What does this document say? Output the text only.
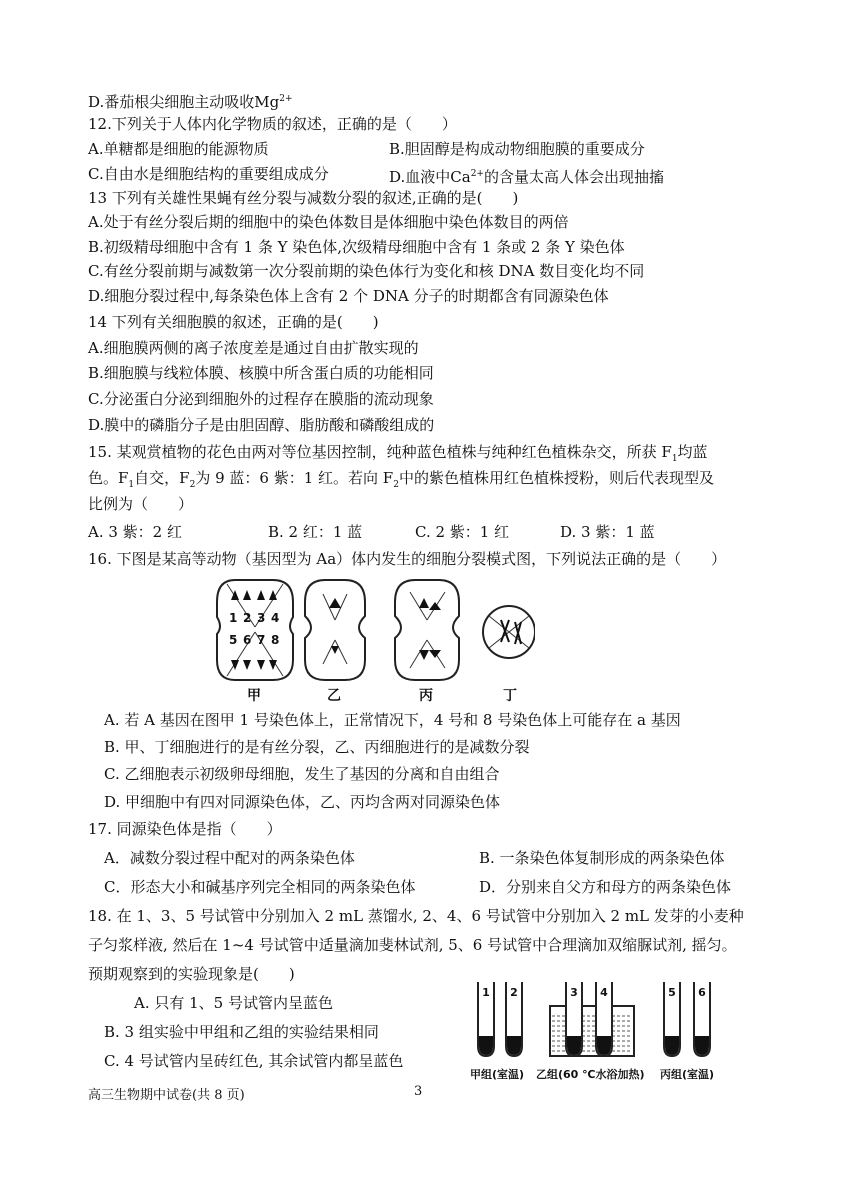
D.番茄根尖细胞主动吸收$Mg^{2+}$
12.下列关于人体内化学物质的叙述，正确的是（　　）
A.单糖都是细胞的能源物质	B.胆固醇是构成动物细胞膜的重要成分
C.自由水是细胞结构的重要组成成分	D.血液中$Ca^{2+}$的含量太高人体会出现抽搐
13 下列有关雄性果蝇有丝分裂与减数分裂的叙述,正确的是(　　)
A.处于有丝分裂后期的细胞中的染色体数目是体细胞中染色体数目的两倍
B.初级精母细胞中含有 1 条 Y 染色体,次级精母细胞中含有 1 条或 2 条 Y 染色体
C.有丝分裂前期与减数第一次分裂前期的染色体行为变化和核 DNA 数目变化均不同
D.细胞分裂过程中,每条染色体上含有 2 个 DNA 分子的时期都含有同源染色体
14 下列有关细胞膜的叙述，正确的是(　　)
A.细胞膜两侧的离子浓度差是通过自由扩散实现的
B.细胞膜与线粒体膜、核膜中所含蛋白质的功能相同
C.分泌蛋白分泌到细胞外的过程存在膜脂的流动现象
D.膜中的磷脂分子是由胆固醇、脂肪酸和磷酸组成的
15. 某观赏植物的花色由两对等位基因控制，纯种蓝色植株与纯种红色植株杂交，所获 $F_1$均蓝
色。$F_1$自交，$F_2$为 9 蓝：6 紫：1 红。若向 $F_2$中的紫色植株用红色植株授粉，则后代表现型及
比例为（　　）
A. 3 紫：2 红	B. 2 红：1 蓝	C. 2 紫：1 红	D. 3 紫：1 蓝
16. 下图是某高等动物（基因型为 Aa）体内发生的细胞分裂模式图，下列说法正确的是（　　）
1 2 3 4
5 6 7 8
甲	乙	丙	丁
A. 若 A 基因在图甲 1 号染色体上，正常情况下，4 号和 8 号染色体上可能存在 a 基因
B. 甲、丁细胞进行的是有丝分裂，乙、丙细胞进行的是减数分裂
C. 乙细胞表示初级卵母细胞，发生了基因的分离和自由组合
D. 甲细胞中有四对同源染色体，乙、丙均含两对同源染色体
17. 同源染色体是指（　　）
A．减数分裂过程中配对的两条染色体	B. 一条染色体复制形成的两条染色体
C．形态大小和碱基序列完全相同的两条染色体	D．分别来自父方和母方的两条染色体
18. 在 1、3、5 号试管中分别加入 2 mL 蒸馏水, 2、4、6 号试管中分别加入 2 mL 发芽的小麦种
子匀浆样液, 然后在 1~4 号试管中适量滴加斐林试剂, 5、6 号试管中合理滴加双缩脲试剂, 摇匀。
预期观察到的实验现象是(　　)
A. 只有 1、5 号试管内呈蓝色
B. 3 组实验中甲组和乙组的实验结果相同
C. 4 号试管内呈砖红色, 其余试管内都呈蓝色
1 2	3 4	5 6
甲组(室温) 乙组(60 ℃水浴加热) 丙组(室温)
高三生物期中试卷(共 8 页)	3
